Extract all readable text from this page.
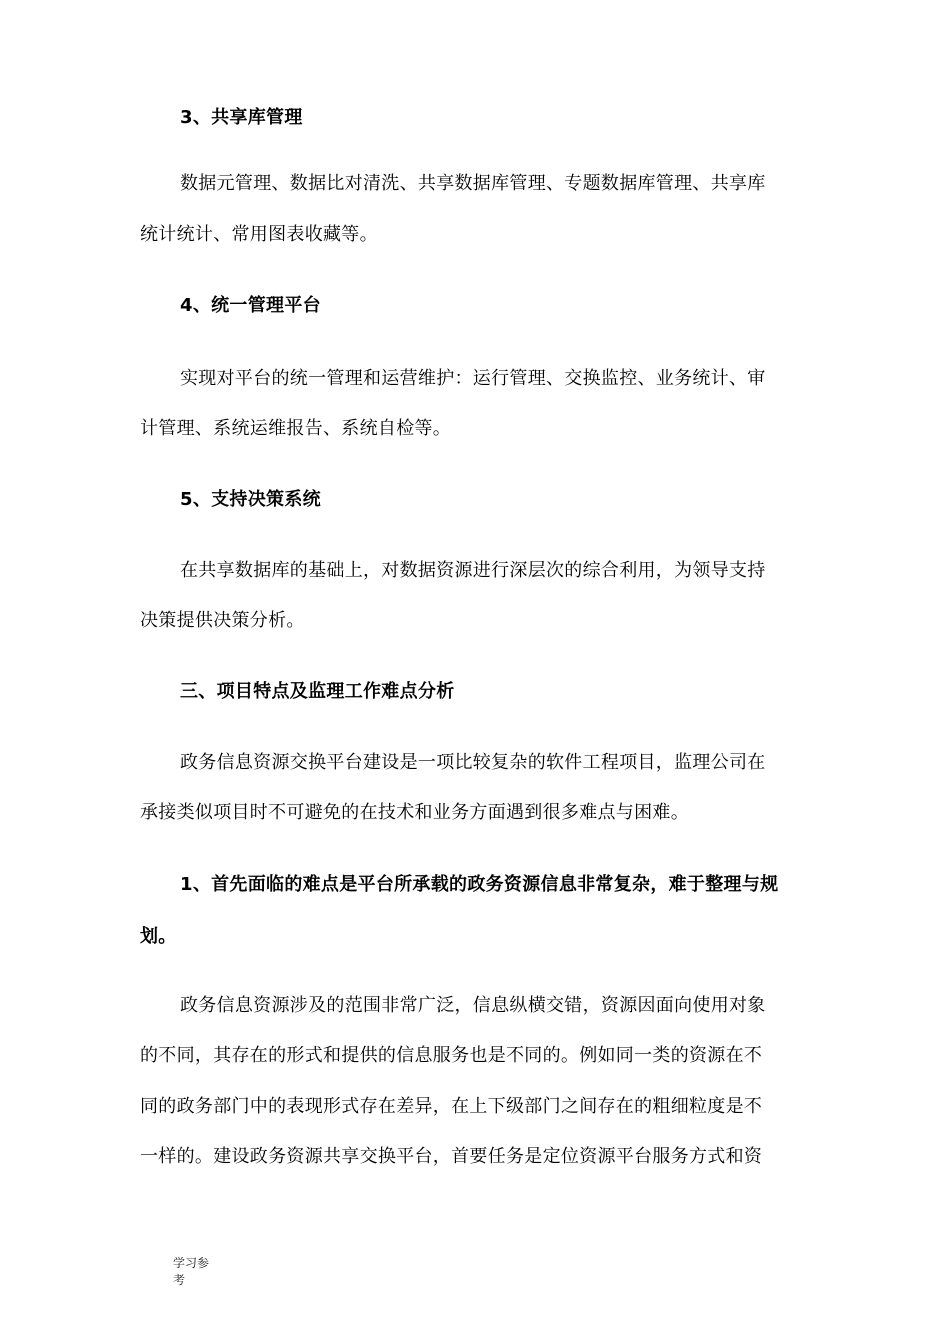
3、共享库管理
数据元管理、数据比对清洗、共享数据库管理、专题数据库管理、共享库
统计统计、常用图表收藏等。
4、统一管理平台
实现对平台的统一管理和运营维护：运行管理、交换监控、业务统计、审
计管理、系统运维报告、系统自检等。
5、支持决策系统
在共享数据库的基础上，对数据资源进行深层次的综合利用，为领导支持
决策提供决策分析。
三、项目特点及监理工作难点分析
政务信息资源交换平台建设是一项比较复杂的软件工程项目，监理公司在
承接类似项目时不可避免的在技术和业务方面遇到很多难点与困难。
1、首先面临的难点是平台所承载的政务资源信息非常复杂，难于整理与规
划。
政务信息资源涉及的范围非常广泛，信息纵横交错，资源因面向使用对象
的不同，其存在的形式和提供的信息服务也是不同的。例如同一类的资源在不
同的政务部门中的表现形式存在差异，在上下级部门之间存在的粗细粒度是不
一样的。建设政务资源共享交换平台，首要任务是定位资源平台服务方式和资
学习参
考
